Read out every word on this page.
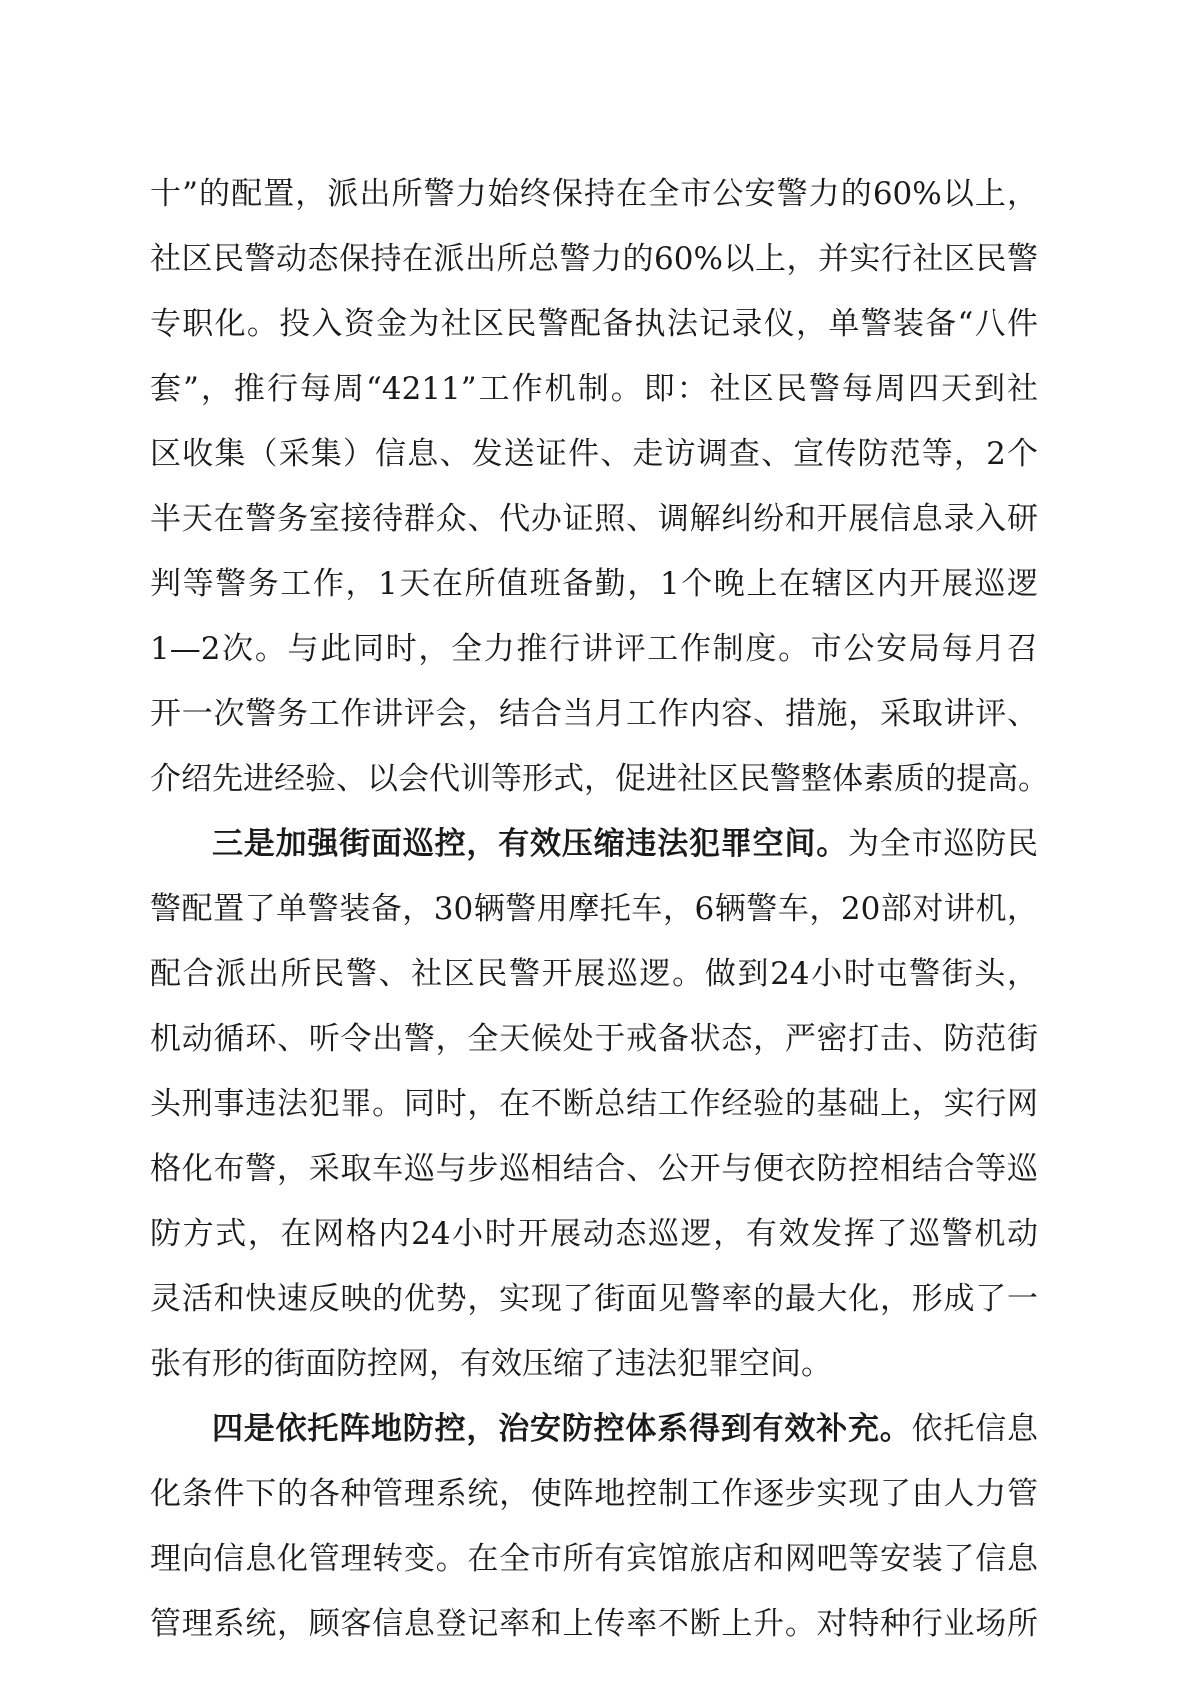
十”的配置，派出所警力始终保持在全市公安警力的60%以上，
社区民警动态保持在派出所总警力的60%以上，并实行社区民警
专职化。投入资金为社区民警配备执法记录仪，单警装备“八件
套”，推行每周“4211”工作机制。即：社区民警每周四天到社
区收集（采集）信息、发送证件、走访调查、宣传防范等，2个
半天在警务室接待群众、代办证照、调解纠纷和开展信息录入研
判等警务工作，1天在所值班备勤，1个晚上在辖区内开展巡逻
1—2次。与此同时，全力推行讲评工作制度。市公安局每月召
开一次警务工作讲评会，结合当月工作内容、措施，采取讲评、
介绍先进经验、以会代训等形式，促进社区民警整体素质的提高。
三是加强街面巡控，有效压缩违法犯罪空间。为全市巡防民
警配置了单警装备，30辆警用摩托车，6辆警车，20部对讲机，
配合派出所民警、社区民警开展巡逻。做到24小时屯警街头，
机动循环、听令出警，全天候处于戒备状态，严密打击、防范街
头刑事违法犯罪。同时，在不断总结工作经验的基础上，实行网
格化布警，采取车巡与步巡相结合、公开与便衣防控相结合等巡
防方式，在网格内24小时开展动态巡逻，有效发挥了巡警机动
灵活和快速反映的优势，实现了街面见警率的最大化，形成了一
张有形的街面防控网，有效压缩了违法犯罪空间。
四是依托阵地防控，治安防控体系得到有效补充。依托信息
化条件下的各种管理系统，使阵地控制工作逐步实现了由人力管
理向信息化管理转变。在全市所有宾馆旅店和网吧等安装了信息
管理系统，顾客信息登记率和上传率不断上升。对特种行业场所
